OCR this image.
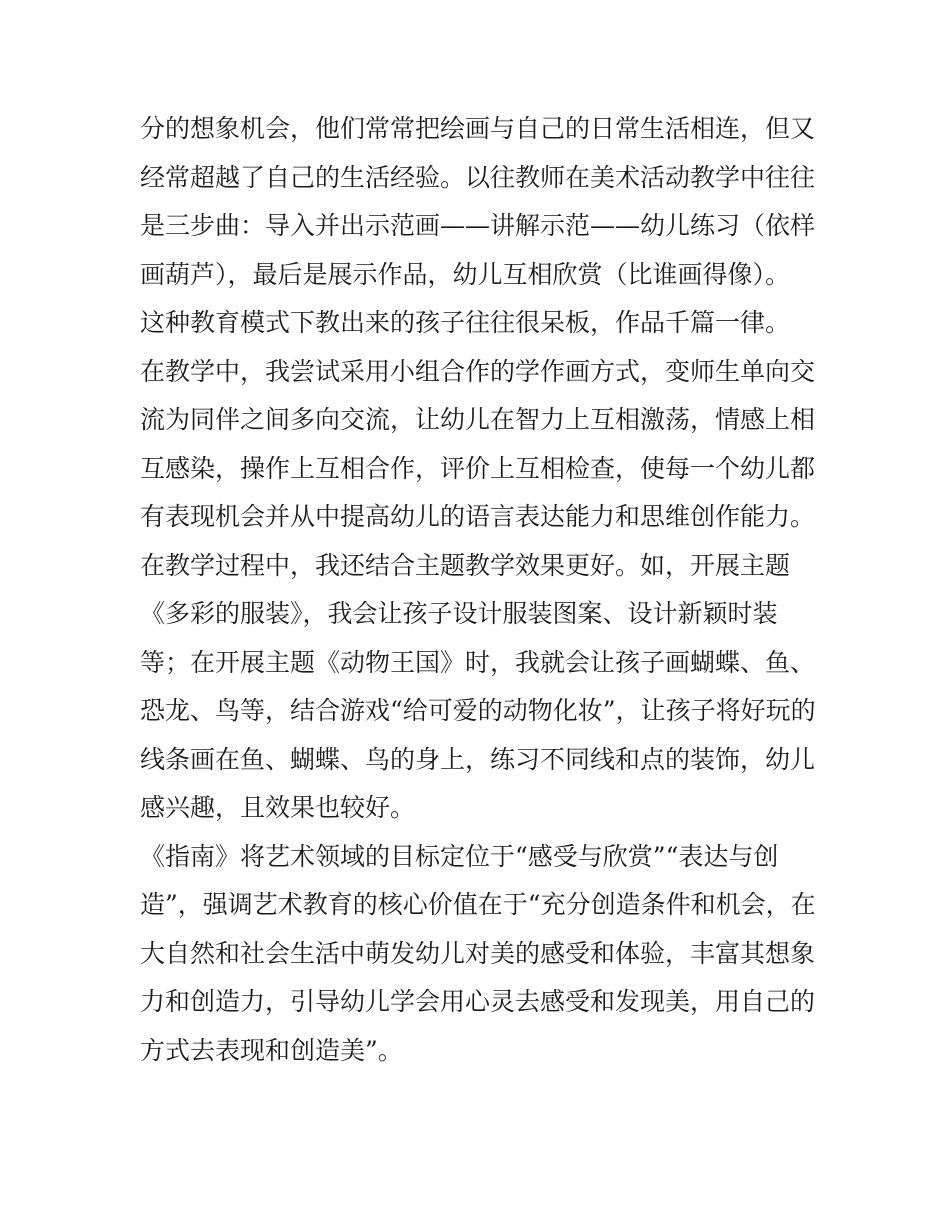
分的想象机会，他们常常把绘画与自己的日常生活相连，但又
经常超越了自己的生活经验。以往教师在美术活动教学中往往
是三步曲：导入并出示范画——讲解示范——幼儿练习（依样
画葫芦），最后是展示作品，幼儿互相欣赏（比谁画得像）。
这种教育模式下教出来的孩子往往很呆板，作品千篇一律。
在教学中，我尝试采用小组合作的学作画方式，变师生单向交
流为同伴之间多向交流，让幼儿在智力上互相激荡，情感上相
互感染，操作上互相合作，评价上互相检查，使每一个幼儿都
有表现机会并从中提高幼儿的语言表达能力和思维创作能力。
在教学过程中，我还结合主题教学效果更好。如，开展主题
《多彩的服装》，我会让孩子设计服装图案、设计新颖时装
等；在开展主题《动物王国》时，我就会让孩子画蝴蝶、鱼、
恐龙、鸟等，结合游戏“给可爱的动物化妆”，让孩子将好玩的
线条画在鱼、蝴蝶、鸟的身上，练习不同线和点的装饰，幼儿
感兴趣，且效果也较好。
《指南》将艺术领域的目标定位于“感受与欣赏”“表达与创
造”，强调艺术教育的核心价值在于“充分创造条件和机会，在
大自然和社会生活中萌发幼儿对美的感受和体验，丰富其想象
力和创造力，引导幼儿学会用心灵去感受和发现美，用自己的
方式去表现和创造美”。
